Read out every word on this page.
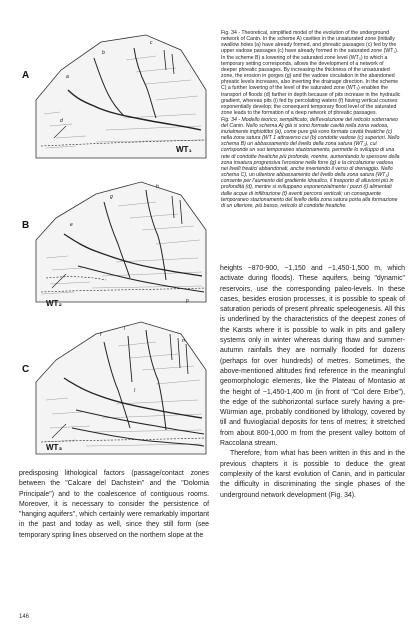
A
B
C
WT₁
a
b
c
d
WT₂
e
g
h
p
WT₃
f
i
l
n

Fig. 34 - Theoretical, simplified model of the evolution of the underground network of Canin. In the scheme A) cavities in the unsaturated zone (initially swallow holes (a) have already formed, and phreatic passages (c) fed by the upper vadose passages (c) have already formed in the saturated zone (WT₁). In the scheme B) a lowering of the saturated zone level (WT₂) to which a temporary setting corresponds, allows the development of a network of deeper phreatic passages. By increasing the thickness of the unsaturated zone, the erosion in gorges (g) and the vadose circulation in the abandoned phreatic levels increases, also inverting the drainage direction. In the scheme C) a further lowering of the level of the saturated zone (WT₃) enables the transport of floods (d) farther in depth because of pits increase in the hydraulic gradient, whereas pits (i) fed by percolating waters (f) having vertical courses exponentially develop; the consequent temporary flood level of the saturated zone leads to the formation of a deep network of phreatic passages.

Fig. 34 - Modello teorico, semplificato, dell'evoluzione del reticolo sotterraneo del Canin. Nello schema A) già si sono formate cavità nella zona vadosa, inizialmente inghiottitoi (a), come pure già sono formate cavità freatiche (c) nella zona satura (WT 1 attraverso cui (b) condotte vadose (c) superiori. Nello schema B) un abbassamento del livello della zona satura (WT₂), cui corrisponde un suo temporaneo stazionamento, permette lo sviluppo di una rete di condotte freatiche più profonde, mentre, aumentando lo spessore della zona insatura progressiva l'erosione nelle forre (g) e la circolazione vadosa nei livelli freatici abbandonati, anche invertendo il verso di drenaggio. Nello schema C), un ulteriore abbassamento del livello della zona satura (WT₃) consente per l'aumento del gradiente idraulico, il trasporto di alluvioni più in profondità (d), mentre si sviluppano esponenzialmente i pozzi (i) alimentati dalle acque di infiltrazione (f) aventi percorsi verticali; un conseguente temporaneo stazionamento del livello della zona satura porta alla formazione di un ulteriore, più basso, reticolo di condotte freatiche.

predisposing lithological factors (passage/contact zones between the "Calcare del Dachstein" and the "Dolomia Principale") and to the coalescence of contiguous rooms. Moreover, it is necessary to consider the persistence of "hanging aquifers", which certainly were remarkably important in the past and today as well, since they still form (see temporary spring lines observed on the northern slope at the

heights ~870-900, ~1,150 and ~1,450-1,500 m, which activate during floods). These aquifers, being "dynamic" reservoirs, use the corresponding paleo-levels. In these cases, besides erosion processes, it is possible to speak of saturation periods of present phreatic speleogenesis. All this is underlined by the characteristics of the deepest zones of the Karsts where it is possible to walk in pits and gallery systems only in winter whereas during thaw and summer-autumn rainfalls they are normally flooded for dozens (perhaps for over hundreds) of metres. Sometimes, the above-mentioned altitudes find reference in the meaningful geomorphologic elements, like the Plateau of Montasio at the height of ~1,450-1,400 m (in front of "Col dere Erbe"), the edge of the subhorizontal surface surely having a pre-Würmian age, probably conditioned by lithology, covered by till and fluvioglacial deposits for tens of metres; it stretched from about 800-1,000 m from the present valley bottom of Raccolana stream.

Therefore, from what has been written in this and in the previous chapters it is possible to deduce the great complexity of the karst evolution of Canin, and in particular the difficulty in discriminating the single phases of the underground network development (Fig. 34).

146
